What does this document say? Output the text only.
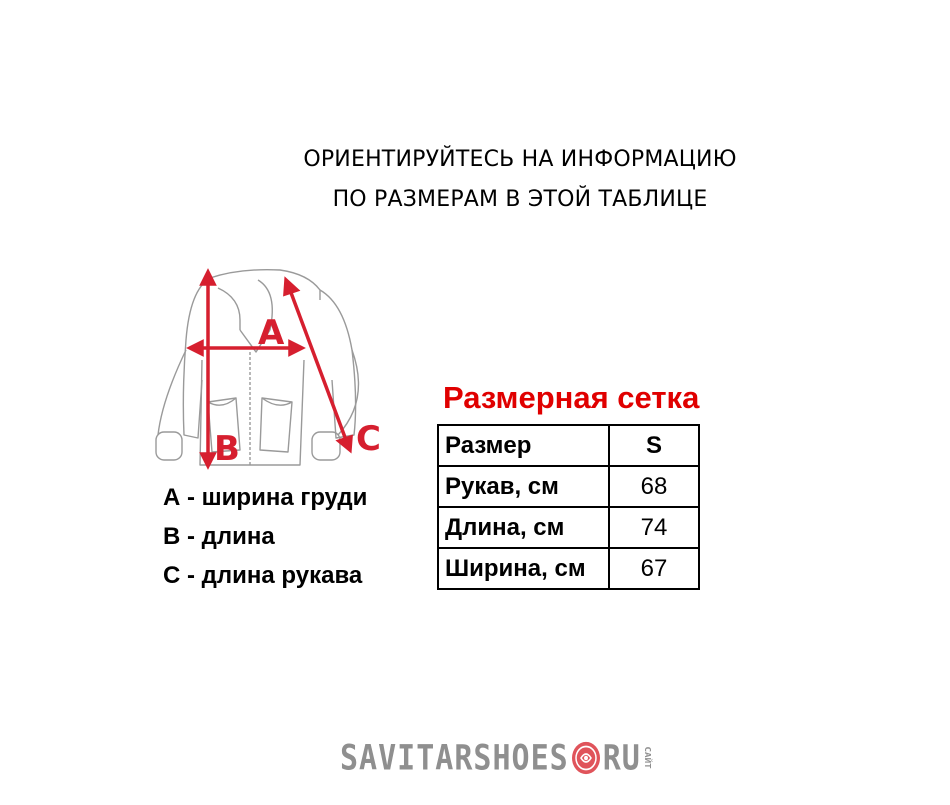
ОРИЕНТИРУЙТЕСЬ НА ИНФОРМАЦИЮ
ПО РАЗМЕРАМ В ЭТОЙ ТАБЛИЦЕ
A
B	C
А - ширина груди
В - длина
С - длина рукава
Размерная сетка
Размер	S
Рукав, см	68
Длина, см	74
Ширина, см	67
SAVITARSHOES RU САЙТ
